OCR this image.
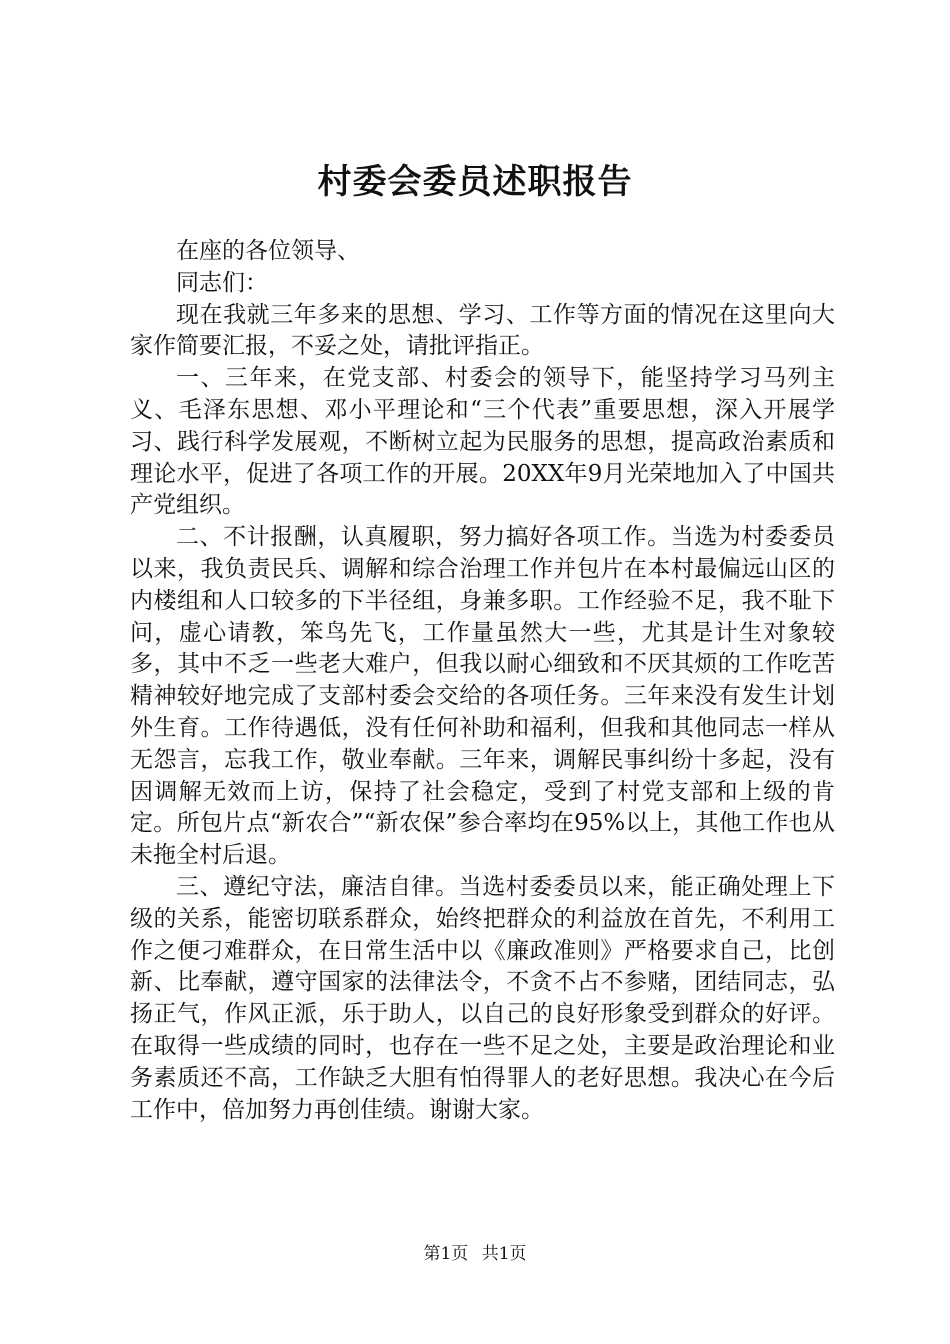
村委会委员述职报告

在座的各位领导、

同志们：

现在我就三年多来的思想、学习、工作等方面的情况在这里向大家作简要汇报，不妥之处，请批评指正。

一、三年来，在党支部、村委会的领导下，能坚持学习马列主义、毛泽东思想、邓小平理论和“三个代表”重要思想，深入开展学习、践行科学发展观，不断树立起为民服务的思想，提高政治素质和理论水平，促进了各项工作的开展。20XX年9月光荣地加入了中国共产党组织。

二、不计报酬，认真履职，努力搞好各项工作。当选为村委委员以来，我负责民兵、调解和综合治理工作并包片在本村最偏远山区的内楼组和人口较多的下半径组，身兼多职。工作经验不足，我不耻下问，虚心请教，笨鸟先飞，工作量虽然大一些，尤其是计生对象较多，其中不乏一些老大难户，但我以耐心细致和不厌其烦的工作吃苦精神较好地完成了支部村委会交给的各项任务。三年来没有发生计划外生育。工作待遇低，没有任何补助和福利，但我和其他同志一样从无怨言，忘我工作，敬业奉献。三年来，调解民事纠纷十多起，没有因调解无效而上访，保持了社会稳定，受到了村党支部和上级的肯定。所包片点“新农合”“新农保”参合率均在95%以上，其他工作也从未拖全村后退。

三、遵纪守法，廉洁自律。当选村委委员以来，能正确处理上下级的关系，能密切联系群众，始终把群众的利益放在首先，不利用工作之便刁难群众，在日常生活中以《廉政准则》严格要求自己，比创新、比奉献，遵守国家的法律法令，不贪不占不参赌，团结同志，弘扬正气，作风正派，乐于助人，以自己的良好形象受到群众的好评。在取得一些成绩的同时，也存在一些不足之处，主要是政治理论和业务素质还不高，工作缺乏大胆有怕得罪人的老好思想。我决心在今后工作中，倍加努力再创佳绩。谢谢大家。

第1页 共1页
